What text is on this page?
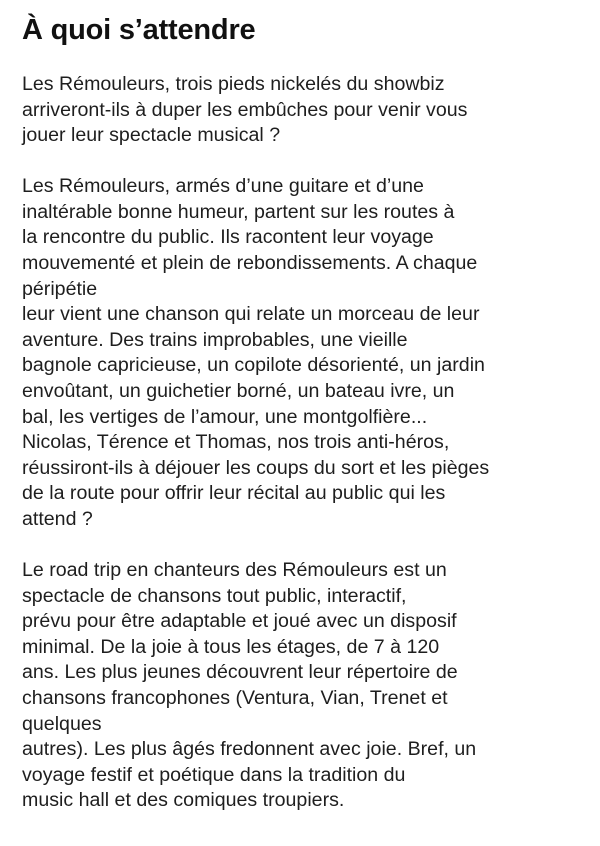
À quoi s’attendre

Les Rémouleurs, trois pieds nickelés du showbiz
arriveront-ils à duper les embûches pour venir vous
jouer leur spectacle musical ?

Les Rémouleurs, armés d’une guitare et d’une
inaltérable bonne humeur, partent sur les routes à
la rencontre du public. Ils racontent leur voyage
mouvementé et plein de rebondissements. A chaque
péripétie
leur vient une chanson qui relate un morceau de leur
aventure. Des trains improbables, une vieille
bagnole capricieuse, un copilote désorienté, un jardin
envoûtant, un guichetier borné, un bateau ivre, un
bal, les vertiges de l’amour, une montgolfière...
Nicolas, Térence et Thomas, nos trois anti-héros,
réussiront-ils à déjouer les coups du sort et les pièges
de la route pour offrir leur récital au public qui les
attend ?

Le road trip en chanteurs des Rémouleurs est un
spectacle de chansons tout public, interactif,
prévu pour être adaptable et joué avec un disposif
minimal. De la joie à tous les étages, de 7 à 120
ans. Les plus jeunes découvrent leur répertoire de
chansons francophones (Ventura, Vian, Trenet et
quelques
autres). Les plus âgés fredonnent avec joie. Bref, un
voyage festif et poétique dans la tradition du
music hall et des comiques troupiers.
